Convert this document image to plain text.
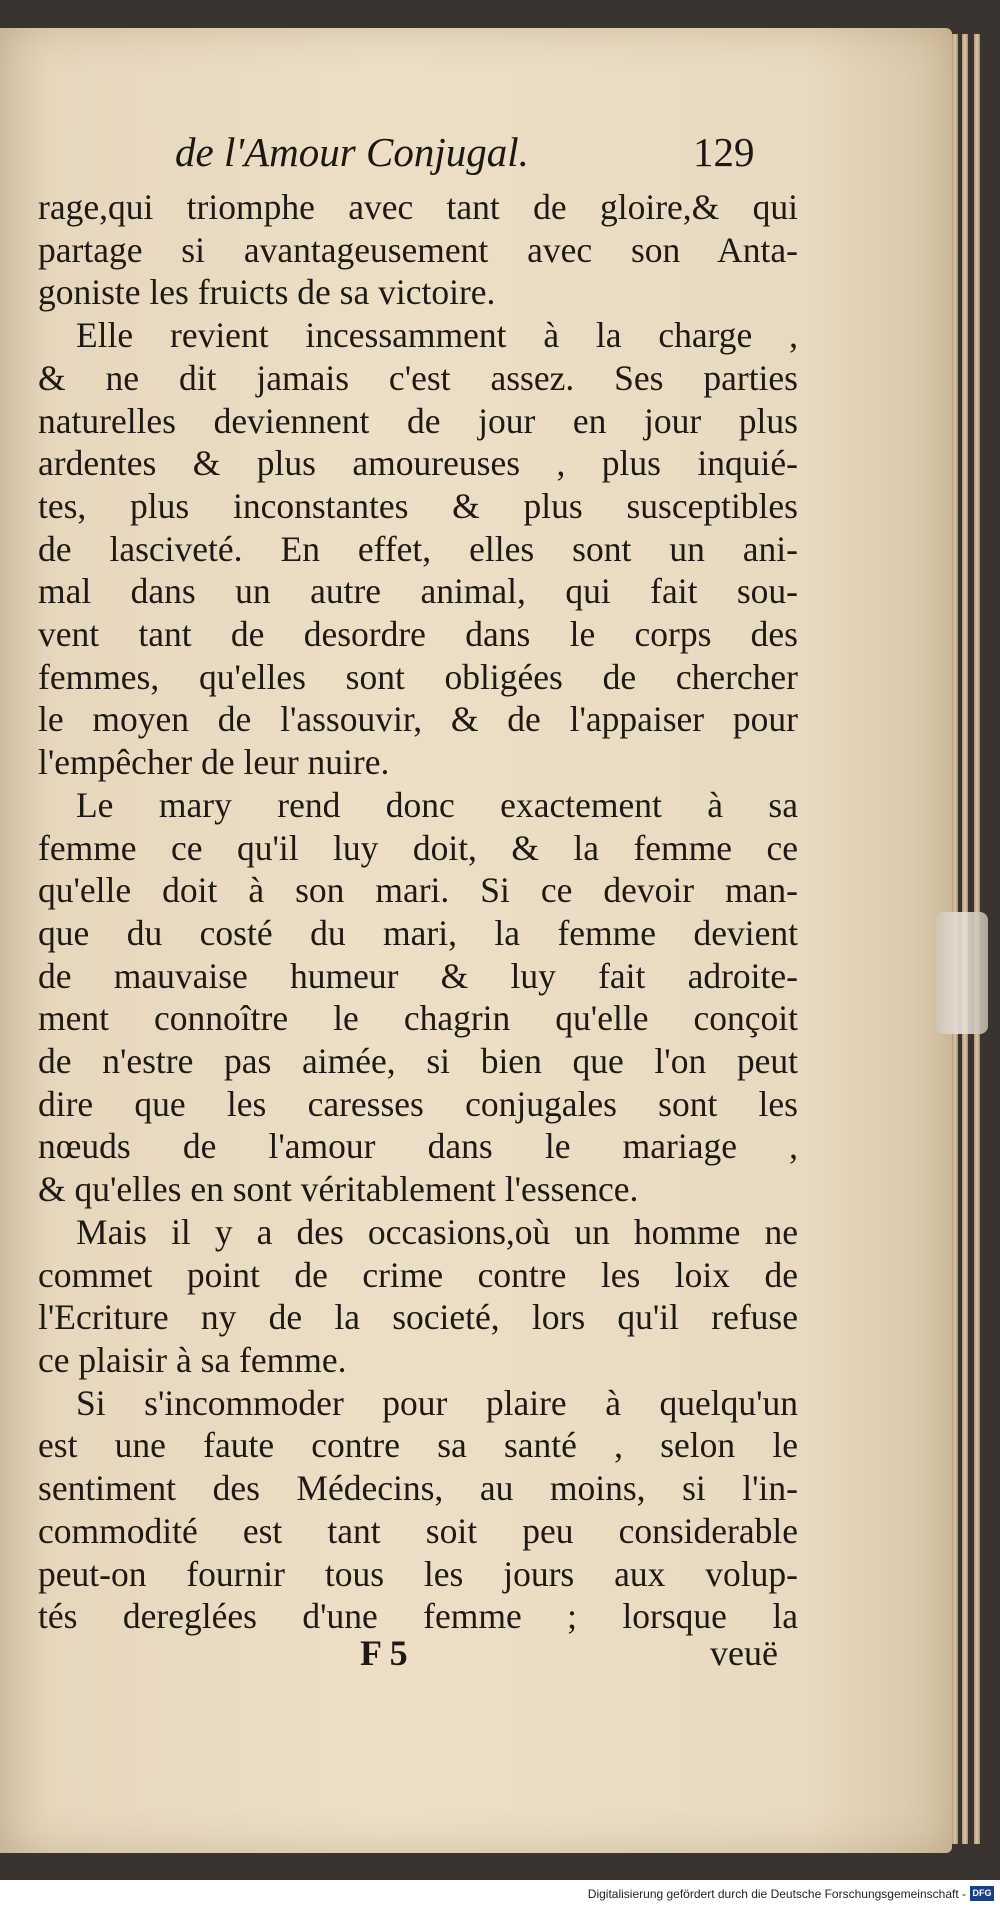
de l'Amour Conjugal.	129
rage,qui triomphe avec tant de gloire,& qui
partage si avantageusement avec son Anta-
goniste les fruicts de sa victoire.
Elle revient incessamment à la charge ,
& ne dit jamais c'est assez. Ses parties
naturelles deviennent de jour en jour plus
ardentes & plus amoureuses , plus inquié-
tes, plus inconstantes & plus susceptibles
de lasciveté. En effet, elles sont un ani-
mal dans un autre animal, qui fait sou-
vent tant de desordre dans le corps des
femmes, qu'elles sont obligées de chercher
le moyen de l'assouvir, & de l'appaiser pour
l'empêcher de leur nuire.
Le mary rend donc exactement à sa
femme ce qu'il luy doit, & la femme ce
qu'elle doit à son mari. Si ce devoir man-
que du costé du mari, la femme devient
de mauvaise humeur & luy fait adroite-
ment connoître le chagrin qu'elle conçoit
de n'estre pas aimée, si bien que l'on peut
dire que les caresses conjugales sont les
nœuds de l'amour dans le mariage ,
& qu'elles en sont véritablement l'essence.
Mais il y a des occasions,où un homme ne
commet point de crime contre les loix de
l'Ecriture ny de la societé, lors qu'il refuse
ce plaisir à sa femme.
Si s'incommoder pour plaire à quelqu'un
est une faute contre sa santé , selon le
sentiment des Médecins, au moins, si l'in-
commodité est tant soit peu considerable
peut-on fournir tous les jours aux volup-
tés dereglées d'une femme ; lorsque la
F 5	veuë
Digitalisierung gefördert durch die Deutsche Forschungsgemeinschaft - DFG
